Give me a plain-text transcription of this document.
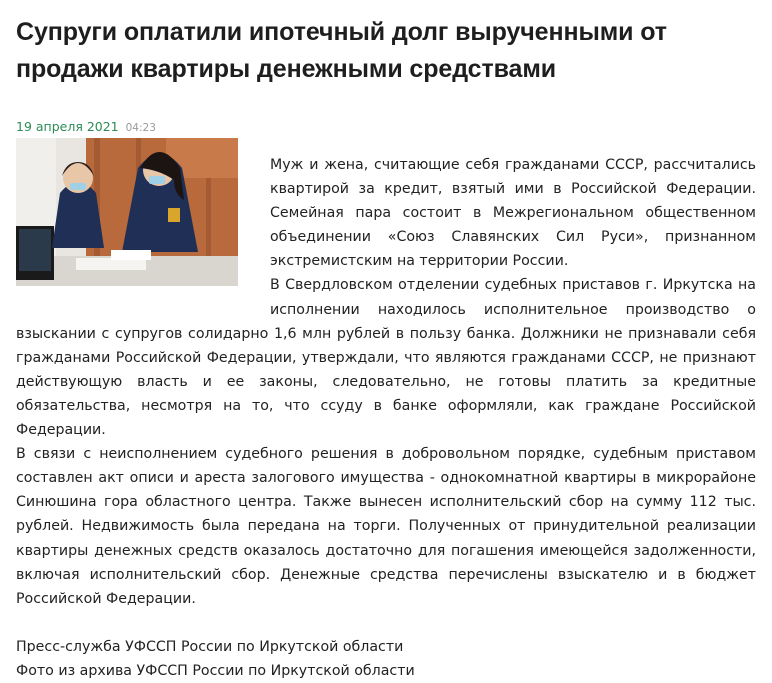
Супруги оплатили ипотечный долг вырученными от продажи квартиры денежными средствами
19 апреля 2021 04:23

Муж и жена, считающие себя гражданами СССР, рассчитались квартирой за кредит, взятый ими в Российской Федерации. Семейная пара состоит в Межрегиональном общественном объединении «Союз Славянских Сил Руси», признанном экстремистским на территории России.

В Свердловском отделении судебных приставов г. Иркутска на исполнении находилось исполнительное производство о взыскании с супругов солидарно 1,6 млн рублей в пользу банка. Должники не признавали себя гражданами Российской Федерации, утверждали, что являются гражданами СССР, не признают действующую власть и ее законы, следовательно, не готовы платить за кредитные обязательства, несмотря на то, что ссуду в банке оформляли, как граждане Российской Федерации.

В связи с неисполнением судебного решения в добровольном порядке, судебным приставом составлен акт описи и ареста залогового имущества - однокомнатной квартиры в микрорайоне Синюшина гора областного центра. Также вынесен исполнительский сбор на сумму 112 тыс. рублей. Недвижимость была передана на торги. Полученных от принудительной реализации квартиры денежных средств оказалось достаточно для погашения имеющейся задолженности, включая исполнительский сбор. Денежные средства перечислены взыскателю и в бюджет Российской Федерации.

Пресс-служба УФССП России по Иркутской области
Фото из архива УФССП России по Иркутской области
